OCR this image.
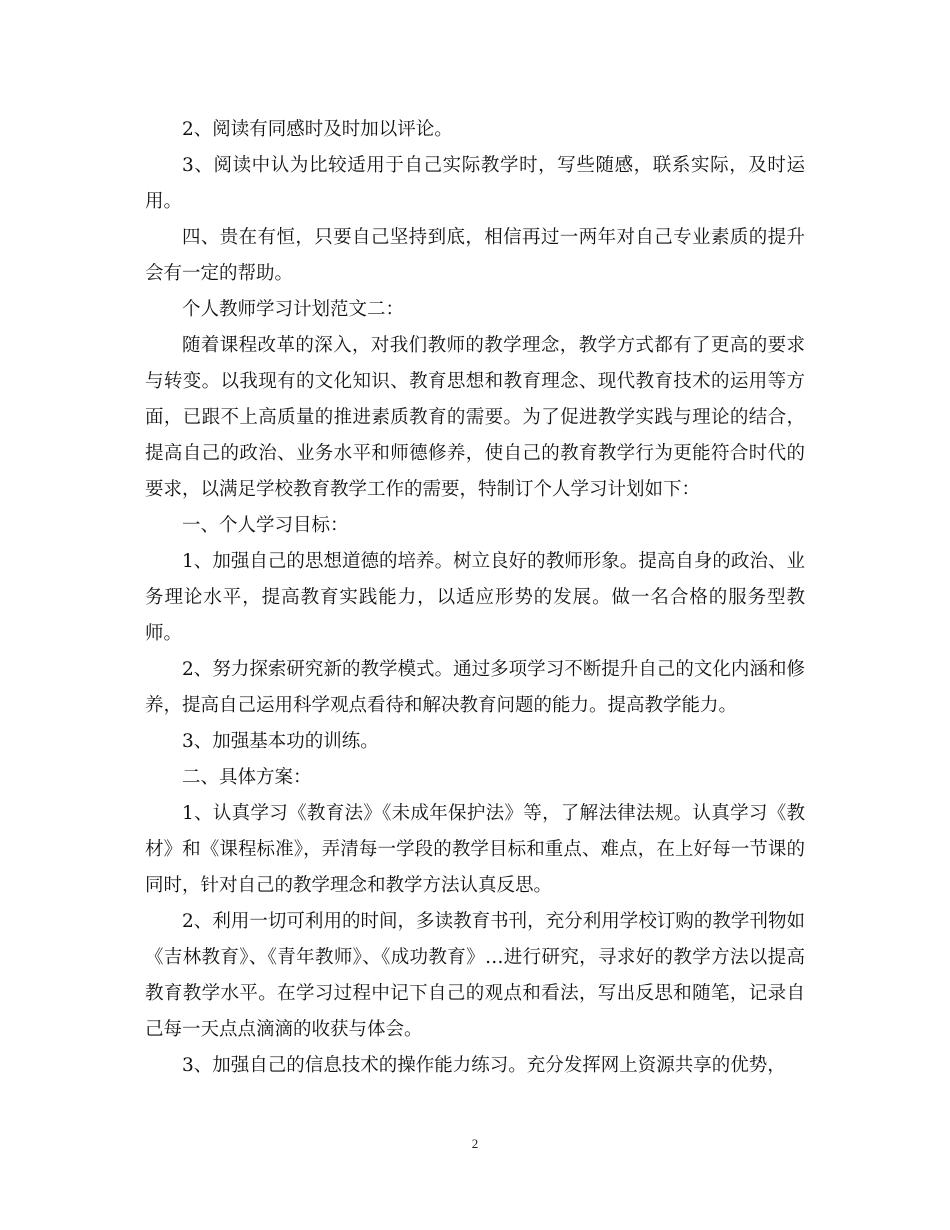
2、阅读有同感时及时加以评论。

3、阅读中认为比较适用于自己实际教学时，写些随感，联系实际，及时运用。

四、贵在有恒，只要自己坚持到底，相信再过一两年对自己专业素质的提升会有一定的帮助。

个人教师学习计划范文二：

随着课程改革的深入，对我们教师的教学理念，教学方式都有了更高的要求与转变。以我现有的文化知识、教育思想和教育理念、现代教育技术的运用等方面，已跟不上高质量的推进素质教育的需要。为了促进教学实践与理论的结合，提高自己的政治、业务水平和师德修养，使自己的教育教学行为更能符合时代的要求，以满足学校教育教学工作的需要，特制订个人学习计划如下：

一、个人学习目标：

1、加强自己的思想道德的培养。树立良好的教师形象。提高自身的政治、业务理论水平，提高教育实践能力，以适应形势的发展。做一名合格的服务型教师。

2、努力探索研究新的教学模式。通过多项学习不断提升自己的文化内涵和修养，提高自己运用科学观点看待和解决教育问题的能力。提高教学能力。

3、加强基本功的训练。

二、具体方案：

1、认真学习《教育法》《未成年保护法》等，了解法律法规。认真学习《教材》和《课程标准》，弄清每一学段的教学目标和重点、难点，在上好每一节课的同时，针对自己的教学理念和教学方法认真反思。

2、利用一切可利用的时间，多读教育书刊，充分利用学校订购的教学刊物如《吉林教育》、《青年教师》、《成功教育》…进行研究，寻求好的教学方法以提高教育教学水平。在学习过程中记下自己的观点和看法，写出反思和随笔，记录自己每一天点点滴滴的收获与体会。

3、加强自己的信息技术的操作能力练习。充分发挥网上资源共享的优势，

2
